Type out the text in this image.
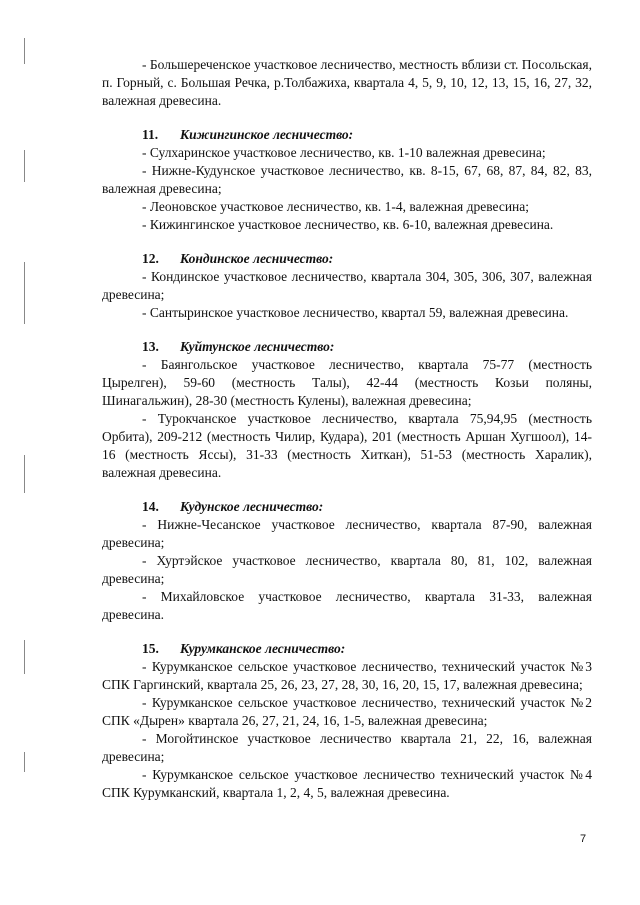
- Большереченское участковое лесничество, местность вблизи ст. Посольская, п. Горный, с. Большая Речка, р.Толбажиха, квартала 4, 5, 9, 10, 12, 13, 15, 16, 27, 32, валежная древесина.

11. Кижингинское лесничество:

- Сулхаринское участковое лесничество, кв. 1-10 валежная древесина;

- Нижне-Кудунское участковое лесничество, кв. 8-15, 67, 68, 87, 84, 82, 83, валежная древесина;

- Леоновское участковое лесничество, кв. 1-4, валежная древесина;

- Кижингинское участковое лесничество, кв. 6-10, валежная древесина.

12. Кондинское лесничество:

- Кондинское участковое лесничество, квартала 304, 305, 306, 307, валежная древесина;

- Сантыринское участковое лесничество, квартал 59, валежная древесина.

13. Куйтунское лесничество:

- Баянгольское участковое лесничество, квартала 75-77 (местность Цырелген), 59-60 (местность Талы), 42-44 (местность Козьи поляны, Шинагальжин), 28-30 (местность Кулены), валежная древесина;

- Турокчанское участковое лесничество, квартала 75,94,95 (местность Орбита), 209-212 (местность Чилир, Кудара), 201 (местность Аршан Хугшоол), 14-16 (местность Яссы), 31-33 (местность Хиткан), 51-53 (местность Харалик), валежная древесина.

14. Кудунское лесничество:

- Нижне-Чесанское участковое лесничество, квартала 87-90, валежная древесина;

- Хуртэйское участковое лесничество, квартала 80, 81, 102, валежная древесина;

- Михайловское участковое лесничество, квартала 31-33, валежная древесина.

15. Курумканское лесничество:

- Курумканское сельское участковое лесничество, технический участок №3 СПК Гаргинский, квартала 25, 26, 23, 27, 28, 30, 16, 20, 15, 17, валежная древесина;

- Курумканское сельское участковое лесничество, технический участок №2 СПК «Дырен» квартала 26, 27, 21, 24, 16, 1-5, валежная древесина;

- Могойтинское участковое лесничество квартала 21, 22, 16, валежная древесина;

- Курумканское сельское участковое лесничество технический участок №4 СПК Курумканский, квартала 1, 2, 4, 5, валежная древесина.

7
